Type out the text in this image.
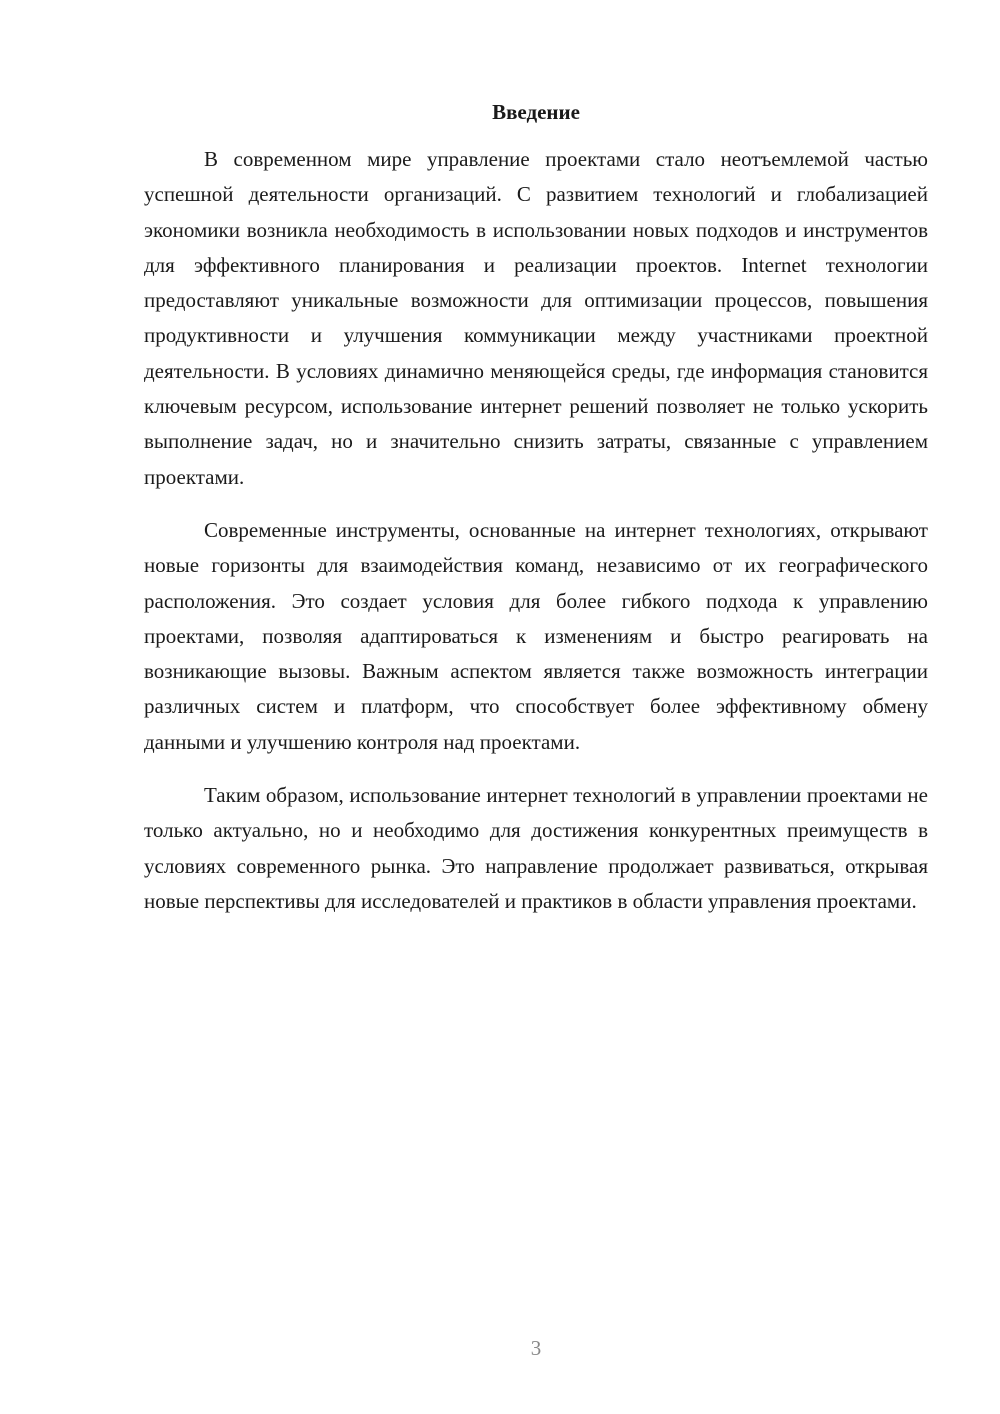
Введение

В современном мире управление проектами стало неотъемлемой частью успешной деятельности организаций. С развитием технологий и глобализацией экономики возникла необходимость в использовании новых подходов и инструментов для эффективного планирования и реализации проектов. Internet технологии предоставляют уникальные возможности для оптимизации процессов, повышения продуктивности и улучшения коммуникации между участниками проектной деятельности. В условиях динамично меняющейся среды, где информация становится ключевым ресурсом, использование интернет решений позволяет не только ускорить выполнение задач, но и значительно снизить затраты, связанные с управлением проектами.

Современные инструменты, основанные на интернет технологиях, открывают новые горизонты для взаимодействия команд, независимо от их географического расположения. Это создает условия для более гибкого подхода к управлению проектами, позволяя адаптироваться к изменениям и быстро реагировать на возникающие вызовы. Важным аспектом является также возможность интеграции различных систем и платформ, что способствует более эффективному обмену данными и улучшению контроля над проектами.

Таким образом, использование интернет технологий в управлении проектами не только актуально, но и необходимо для достижения конкурентных преимуществ в условиях современного рынка. Это направление продолжает развиваться, открывая новые перспективы для исследователей и практиков в области управления проектами.

3
